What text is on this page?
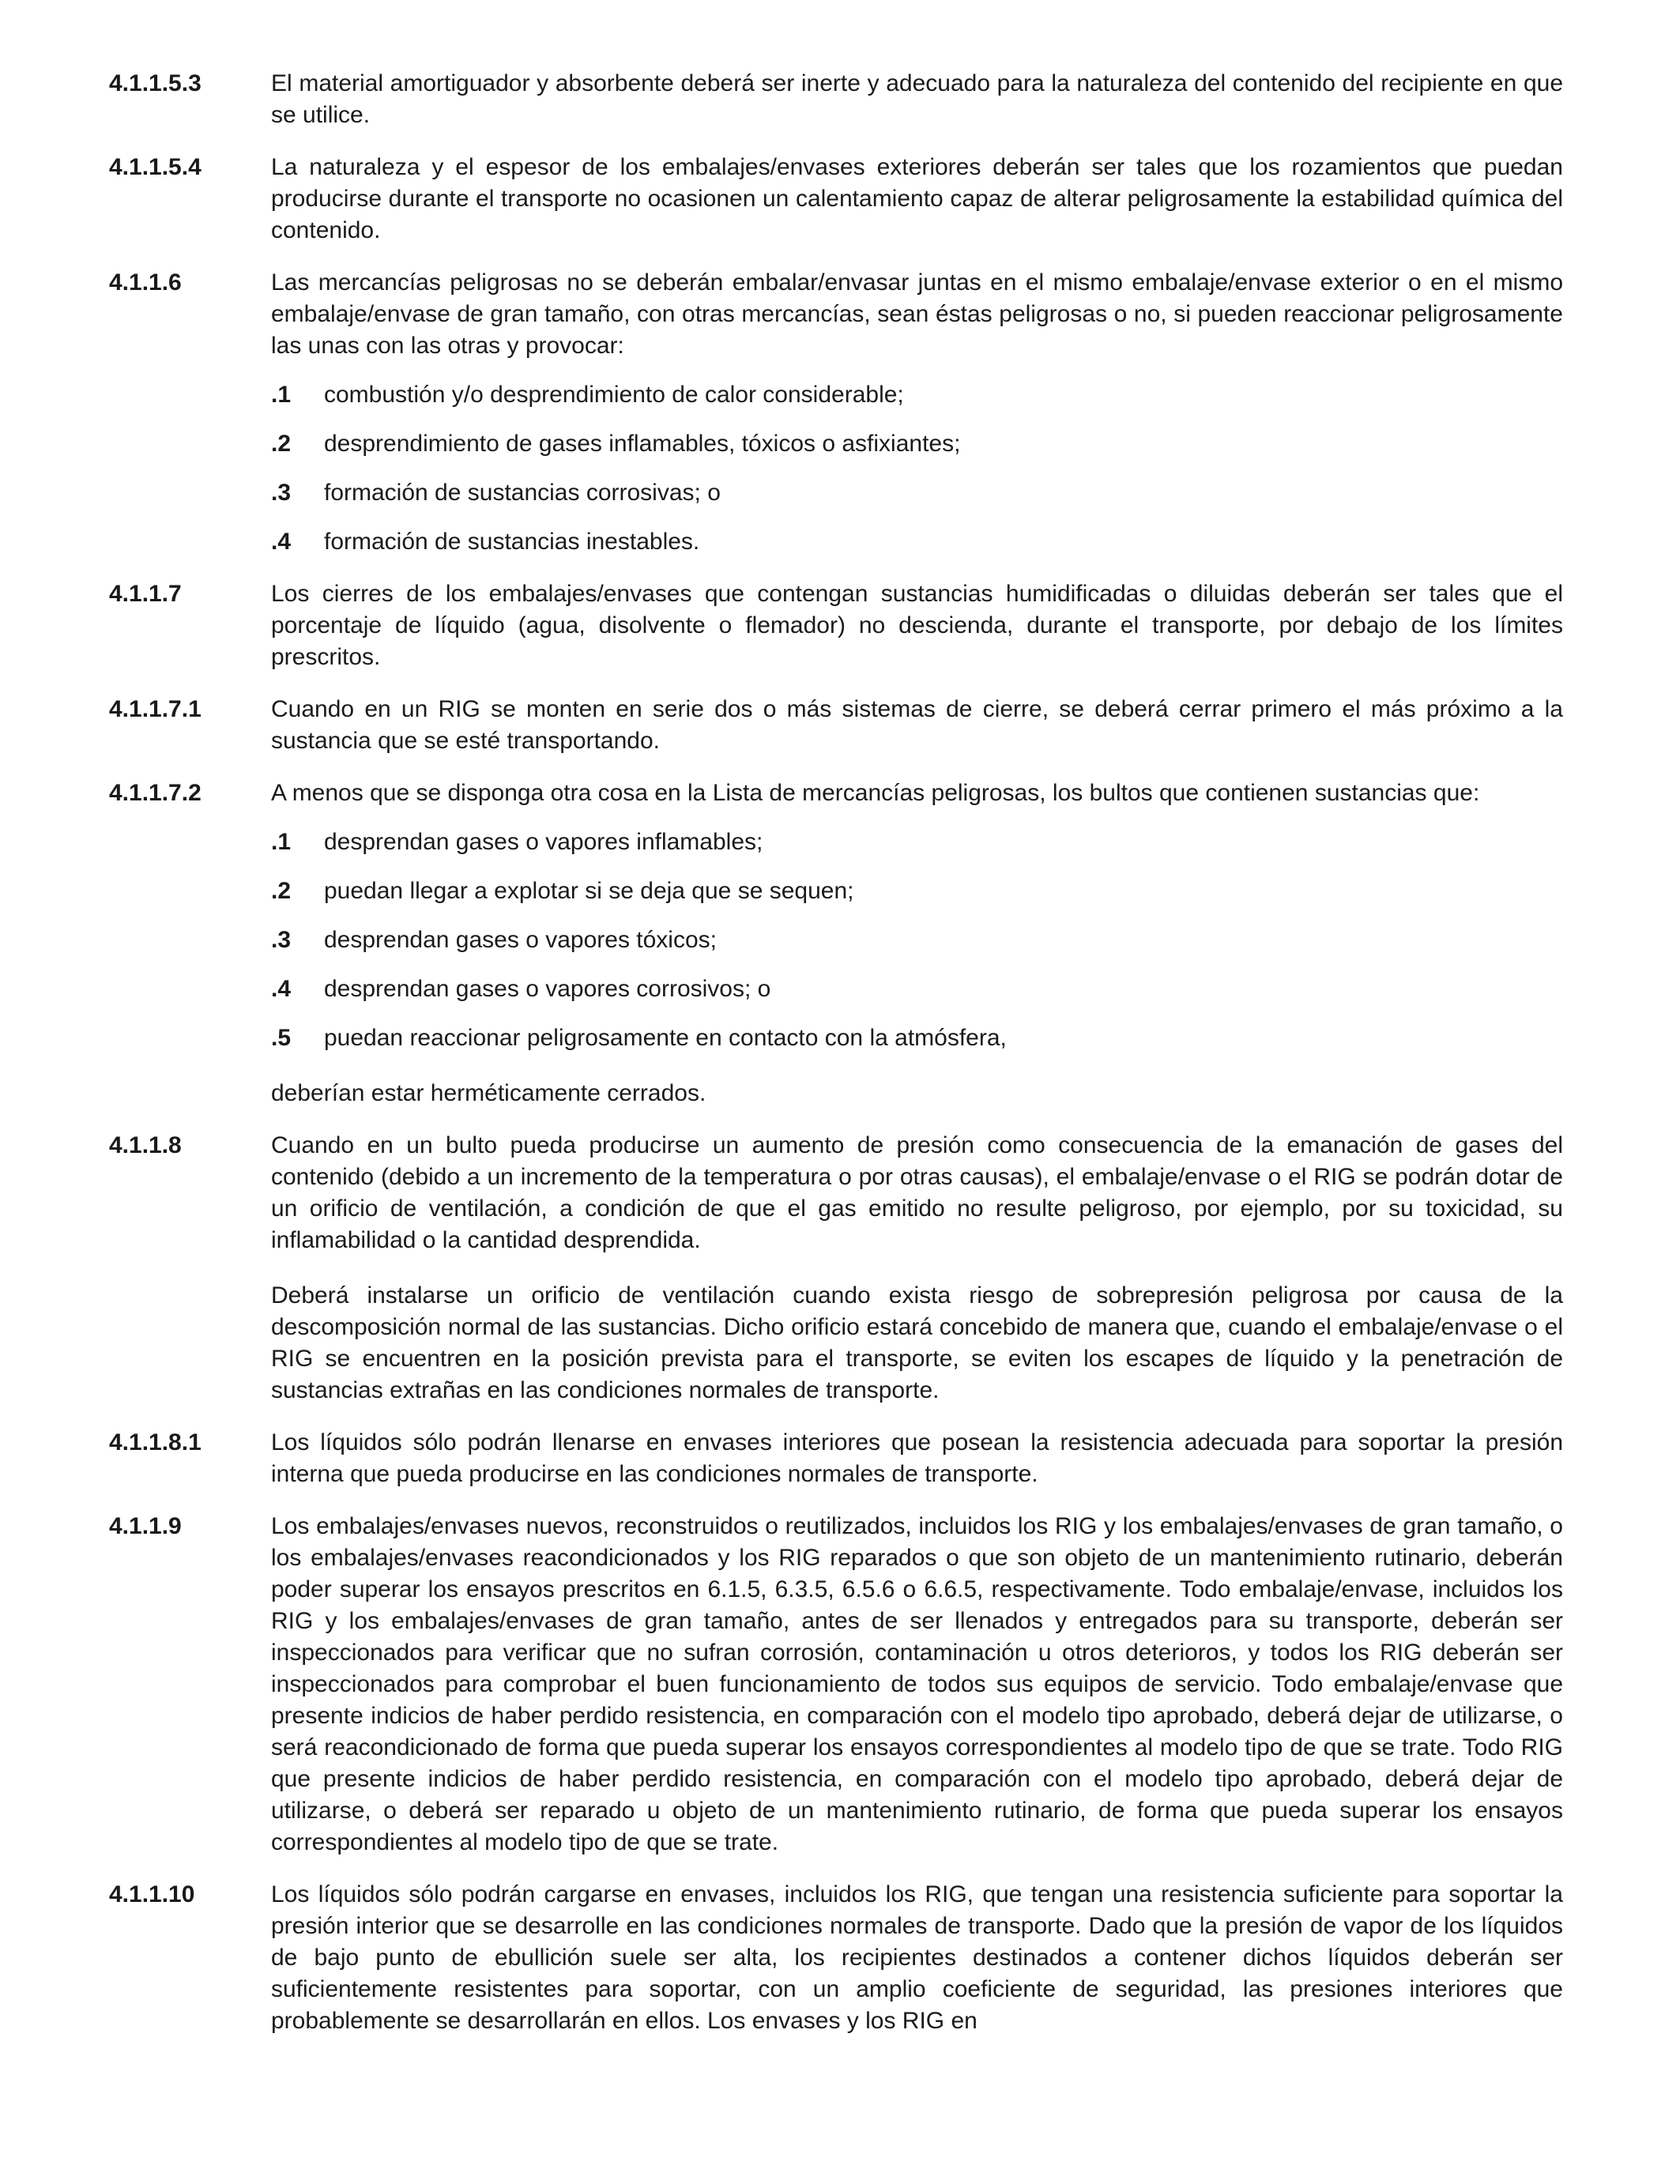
4.1.1.5.3	El material amortiguador y absorbente deberá ser inerte y adecuado para la naturaleza del contenido del recipiente en que se utilice.

4.1.1.5.4	La naturaleza y el espesor de los embalajes/envases exteriores deberán ser tales que los rozamientos que puedan producirse durante el transporte no ocasionen un calentamiento capaz de alterar peligrosamente la estabilidad química del contenido.

4.1.1.6	Las mercancías peligrosas no se deberán embalar/envasar juntas en el mismo embalaje/envase exterior o en el mismo embalaje/envase de gran tamaño, con otras mercancías, sean éstas peligrosas o no, si pueden reaccionar peligrosamente las unas con las otras y provocar:

.1	combustión y/o desprendimiento de calor considerable;
.2	desprendimiento de gases inflamables, tóxicos o asfixiantes;
.3	formación de sustancias corrosivas; o
.4	formación de sustancias inestables.
4.1.1.7	Los cierres de los embalajes/envases que contengan sustancias humidificadas o diluidas deberán ser tales que el porcentaje de líquido (agua, disolvente o flemador) no descienda, durante el transporte, por debajo de los límites prescritos.

4.1.1.7.1	Cuando en un RIG se monten en serie dos o más sistemas de cierre, se deberá cerrar primero el más próximo a la sustancia que se esté transportando.

4.1.1.7.2	A menos que se disponga otra cosa en la Lista de mercancías peligrosas, los bultos que contienen sustancias que:

.1	desprendan gases o vapores inflamables;
.2	puedan llegar a explotar si se deja que se sequen;
.3	desprendan gases o vapores tóxicos;
.4	desprendan gases o vapores corrosivos; o
.5	puedan reaccionar peligrosamente en contacto con la atmósfera,

deberían estar herméticamente cerrados.

4.1.1.8	Cuando en un bulto pueda producirse un aumento de presión como consecuencia de la emanación de gases del contenido (debido a un incremento de la temperatura o por otras causas), el embalaje/envase o el RIG se podrán dotar de un orificio de ventilación, a condición de que el gas emitido no resulte peligroso, por ejemplo, por su toxicidad, su inflamabilidad o la cantidad desprendida.

Deberá instalarse un orificio de ventilación cuando exista riesgo de sobrepresión peligrosa por causa de la descomposición normal de las sustancias. Dicho orificio estará concebido de manera que, cuando el embalaje/envase o el RIG se encuentren en la posición prevista para el transporte, se eviten los escapes de líquido y la penetración de sustancias extrañas en las condiciones normales de transporte.

4.1.1.8.1	Los líquidos sólo podrán llenarse en envases interiores que posean la resistencia adecuada para soportar la presión interna que pueda producirse en las condiciones normales de transporte.

4.1.1.9	Los embalajes/envases nuevos, reconstruidos o reutilizados, incluidos los RIG y los embalajes/envases de gran tamaño, o los embalajes/envases reacondicionados y los RIG reparados o que son objeto de un mantenimiento rutinario, deberán poder superar los ensayos prescritos en 6.1.5, 6.3.5, 6.5.6 o 6.6.5, respectivamente. Todo embalaje/envase, incluidos los RIG y los embalajes/envases de gran tamaño, antes de ser llenados y entregados para su transporte, deberán ser inspeccionados para verificar que no sufran corrosión, contaminación u otros deterioros, y todos los RIG deberán ser inspeccionados para comprobar el buen funcionamiento de todos sus equipos de servicio. Todo embalaje/envase que presente indicios de haber perdido resistencia, en comparación con el modelo tipo aprobado, deberá dejar de utilizarse, o será reacondicionado de forma que pueda superar los ensayos correspondientes al modelo tipo de que se trate. Todo RIG que presente indicios de haber perdido resistencia, en comparación con el modelo tipo aprobado, deberá dejar de utilizarse, o deberá ser reparado u objeto de un mantenimiento rutinario, de forma que pueda superar los ensayos correspondientes al modelo tipo de que se trate.

4.1.1.10	Los líquidos sólo podrán cargarse en envases, incluidos los RIG, que tengan una resistencia suficiente para soportar la presión interior que se desarrolle en las condiciones normales de transporte. Dado que la presión de vapor de los líquidos de bajo punto de ebullición suele ser alta, los recipientes destinados a contener dichos líquidos deberán ser suficientemente resistentes para soportar, con un amplio coeficiente de seguridad, las presiones interiores que probablemente se desarrollarán en ellos. Los envases y los RIG en
